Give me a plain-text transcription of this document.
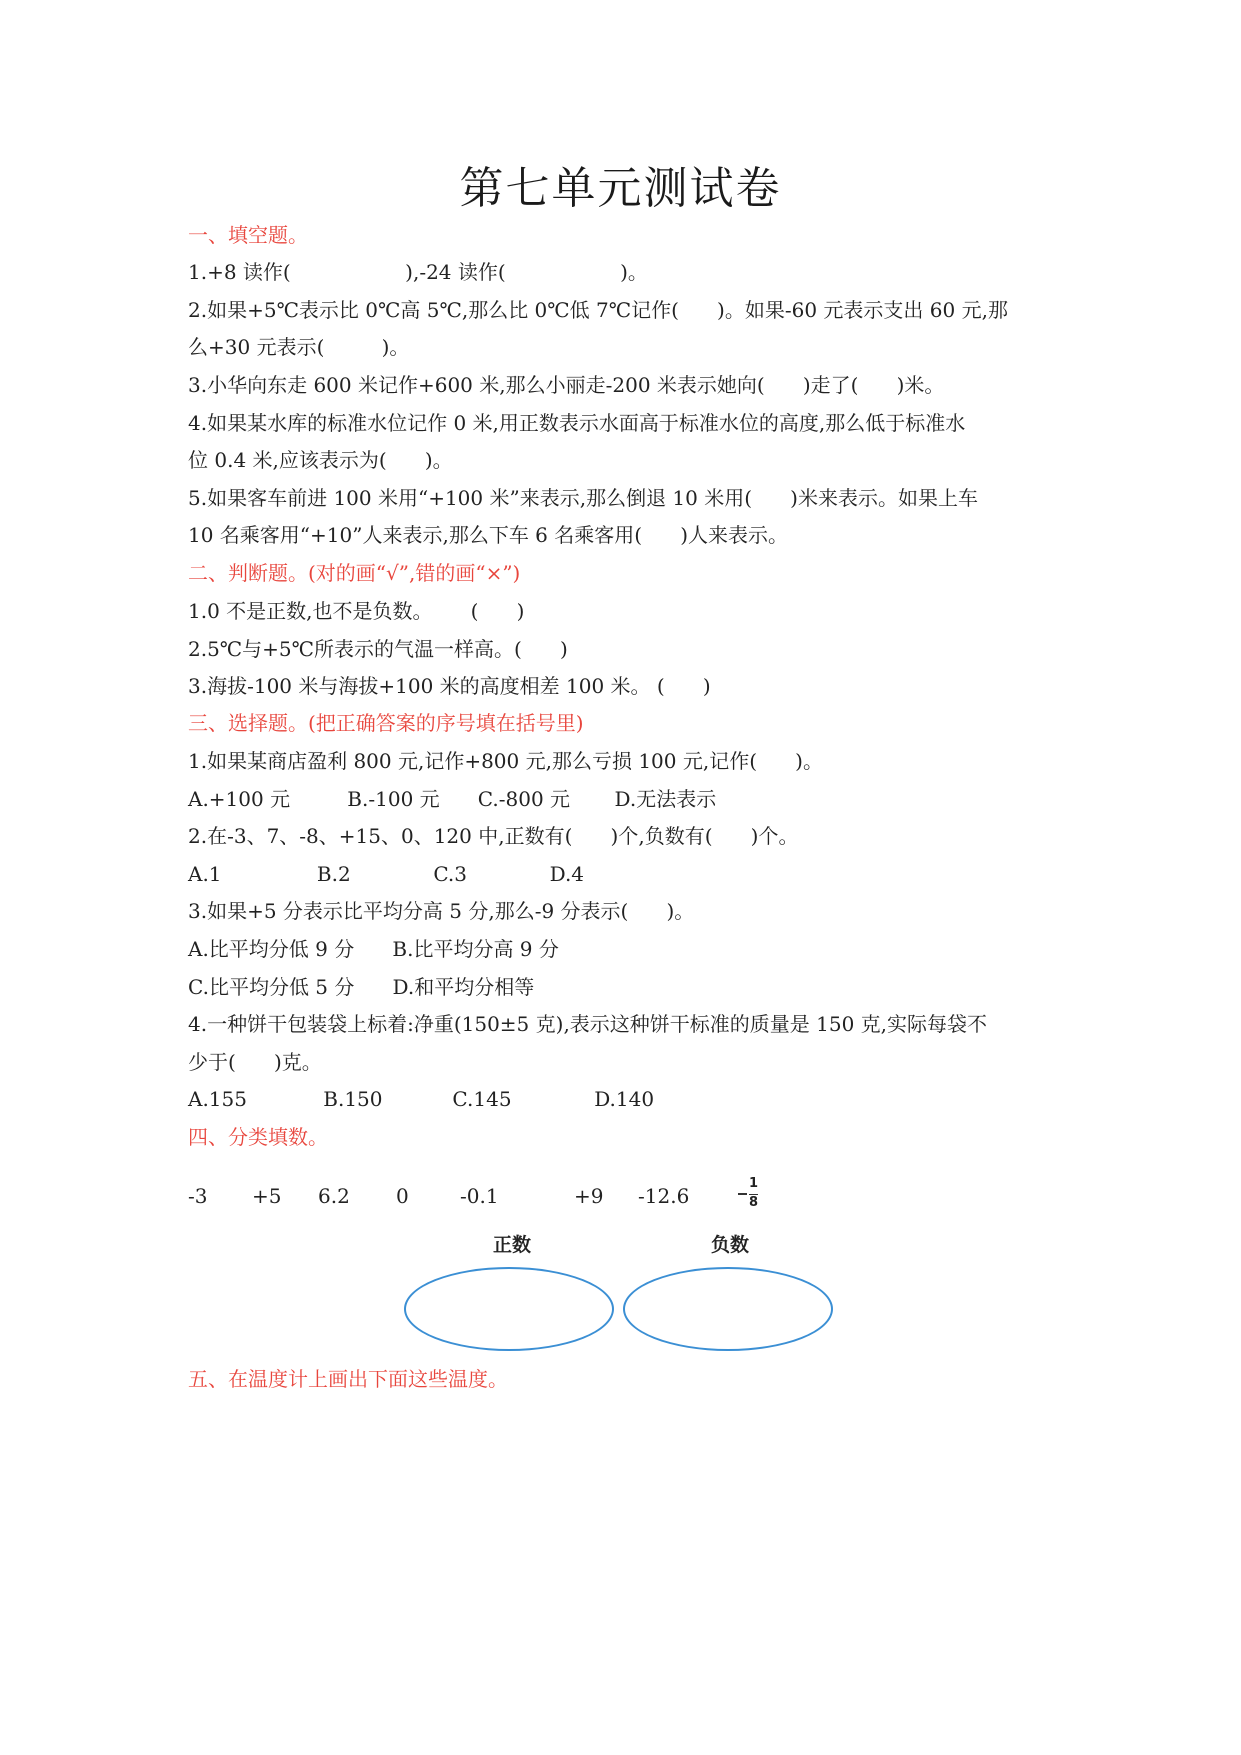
第七单元测试卷
一、填空题。
1.+8 读作(                  ),-24 读作(                  )。
2.如果+5℃表示比 0℃高 5℃,那么比 0℃低 7℃记作(      )。如果-60 元表示支出 60 元,那
么+30 元表示(         )。
3.小华向东走 600 米记作+600 米,那么小丽走-200 米表示她向(      )走了(      )米。
4.如果某水库的标准水位记作 0 米,用正数表示水面高于标准水位的高度,那么低于标准水
位 0.4 米,应该表示为(      )。
5.如果客车前进 100 米用“+100 米”来表示,那么倒退 10 米用(      )米来表示。如果上车
10 名乘客用“+10”人来表示,那么下车 6 名乘客用(      )人来表示。
二、判断题。(对的画“√”,错的画“×”)
1.0 不是正数,也不是负数。      (      )
2.5℃与+5℃所表示的气温一样高。(      )
3.海拔-100 米与海拔+100 米的高度相差 100 米。 (      )
三、选择题。(把正确答案的序号填在括号里)
1.如果某商店盈利 800 元,记作+800 元,那么亏损 100 元,记作(      )。
A.+100 元         B.-100 元      C.-800 元       D.无法表示
2.在-3、7、-8、+15、0、120 中,正数有(      )个,负数有(      )个。
A.1               B.2             C.3             D.4
3.如果+5 分表示比平均分高 5 分,那么-9 分表示(      )。
A.比平均分低 9 分      B.比平均分高 9 分
C.比平均分低 5 分      D.和平均分相等
4.一种饼干包装袋上标着:净重(150±5 克),表示这种饼干标准的质量是 150 克,实际每袋不
少于(      )克。
A.155            B.150           C.145             D.140
四、分类填数。
-3 +5 6.2 0	-0.1	+9 -12.6
1
8
正数	负数
五、在温度计上画出下面这些温度。
